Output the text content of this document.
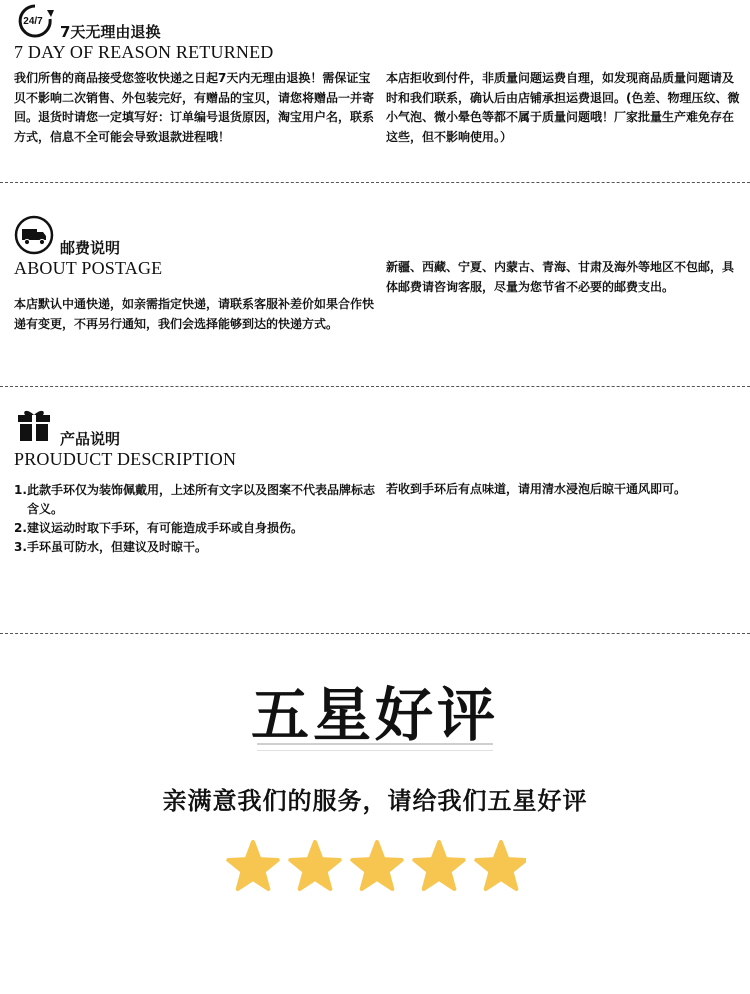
24/7
7天无理由退换
7 DAY OF REASON RETURNED
我们所售的商品接受您签收快递之日起7天内无理由退换！需保证宝贝不影响二次销售、外包装完好，有赠品的宝贝，请您将赠品一并寄回。退货时请您一定填写好：订单编号退货原因，淘宝用户名，联系方式，信息不全可能会导致退款进程哦！
本店拒收到付件，非质量问题运费自理，如发现商品质量问题请及时和我们联系，确认后由店铺承担运费退回。(色差、物理压纹、微小气泡、微小晕色等都不属于质量问题哦！厂家批量生产难免存在这些，但不影响使用。）
邮费说明
ABOUT POSTAGE
本店默认中通快递，如亲需指定快递，请联系客服补差价如果合作快递有变更，不再另行通知，我们会选择能够到达的快递方式。
新疆、西藏、宁夏、内蒙古、青海、甘肃及海外等地区不包邮，具体邮费请咨询客服，尽量为您节省不必要的邮费支出。
产品说明
PROUDUCT DESCRIPTION
1. 此款手环仅为装饰佩戴用，上述所有文字以及图案不代表品牌标志含义。
2. 建议运动时取下手环，有可能造成手环或自身损伤。
3. 手环虽可防水，但建议及时晾干。
若收到手环后有点味道，请用清水浸泡后晾干通风即可。
五星好评
亲满意我们的服务，请给我们五星好评
